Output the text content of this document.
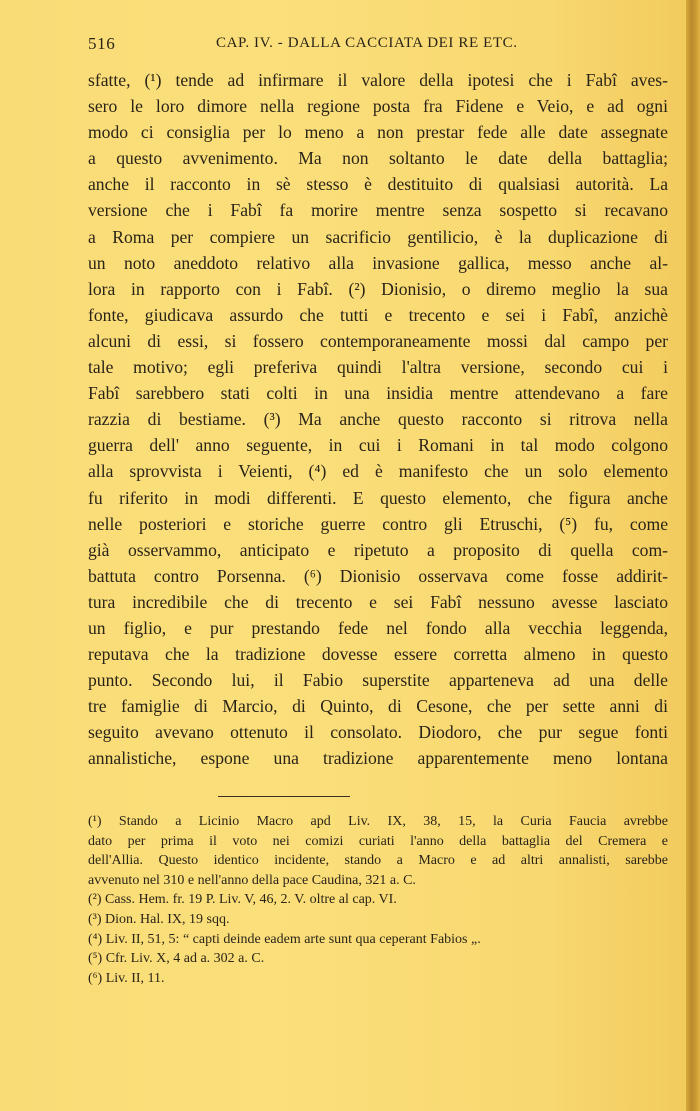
516	CAP. IV. - DALLA CACCIATA DEI RE ETC.
sfatte, (¹) tende ad infirmare il valore della ipotesi che i Fabî aves-
sero le loro dimore nella regione posta fra Fidene e Veio, e ad ogni
modo ci consiglia per lo meno a non prestar fede alle date assegnate
a questo avvenimento. Ma non soltanto le date della battaglia;
anche il racconto in sè stesso è destituito di qualsiasi autorità. La
versione che i Fabî fa morire mentre senza sospetto si recavano
a Roma per compiere un sacrificio gentilicio, è la duplicazione di
un noto aneddoto relativo alla invasione gallica, messo anche al-
lora in rapporto con i Fabî. (²) Dionisio, o diremo meglio la sua
fonte, giudicava assurdo che tutti e trecento e sei i Fabî, anzichè
alcuni di essi, si fossero contemporaneamente mossi dal campo per
tale motivo; egli preferiva quindi l'altra versione, secondo cui i
Fabî sarebbero stati colti in una insidia mentre attendevano a fare
razzia di bestiame. (³) Ma anche questo racconto si ritrova nella
guerra dell' anno seguente, in cui i Romani in tal modo colgono
alla sprovvista i Veienti, (⁴) ed è manifesto che un solo elemento
fu riferito in modi differenti. E questo elemento, che figura anche
nelle posteriori e storiche guerre contro gli Etruschi, (⁵) fu, come
già osservammo, anticipato e ripetuto a proposito di quella com-
battuta contro Porsenna. (⁶) Dionisio osservava come fosse addirit-
tura incredibile che di trecento e sei Fabî nessuno avesse lasciato
un figlio, e pur prestando fede nel fondo alla vecchia leggenda,
reputava che la tradizione dovesse essere corretta almeno in questo
punto. Secondo lui, il Fabio superstite apparteneva ad una delle
tre famiglie di Marcio, di Quinto, di Cesone, che per sette anni di
seguito avevano ottenuto il consolato. Diodoro, che pur segue fonti
annalistiche, espone una tradizione apparentemente meno lontana
(¹) Stando a Licinio Macro apd Liv. IX, 38, 15, la Curia Faucia avrebbe
dato per prima il voto nei comizi curiati l'anno della battaglia del Cremera e
dell'Allia. Questo identico incidente, stando a Macro e ad altri annalisti, sarebbe
avvenuto nel 310 e nell'anno della pace Caudina, 321 a. C.
(²) Cass. Hem. fr. 19 P. Liv. V, 46, 2. V. oltre al cap. VI.
(³) Dion. Hal. IX, 19 sqq.
(⁴) Liv. II, 51, 5: “ capti deinde eadem arte sunt qua ceperant Fabios „.
(⁵) Cfr. Liv. X, 4 ad a. 302 a. C.
(⁶) Liv. II, 11.
